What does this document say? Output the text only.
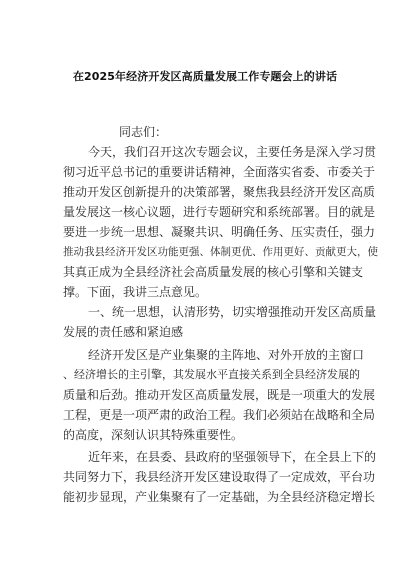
在2025年经济开发区高质量发展工作专题会上的讲话

同志们：

今天，我们召开这次专题会议，主要任务是深入学习贯

彻习近平总书记的重要讲话精神，全面落实省委、市委关于

推动开发区创新提升的决策部署，聚焦我县经济开发区高质

量发展这一核心议题，进行专题研究和系统部署。目的就是

要进一步统一思想、凝聚共识、明确任务、压实责任，强力

推动我县经济开发区功能更强、体制更优、作用更好、贡献更大，使

其真正成为全县经济社会高质量发展的核心引擎和关键支

撑。下面，我讲三点意见。

一、统一思想，认清形势，切实增强推动开发区高质量

发展的责任感和紧迫感

经济开发区是产业集聚的主阵地、对外开放的主窗口

、经济增长的主引擎，其发展水平直接关系到全县经济发展的

质量和后劲。推动开发区高质量发展，既是一项重大的发展

工程，更是一项严肃的政治工程。我们必须站在战略和全局

的高度，深刻认识其特殊重要性。

近年来，在县委、县政府的坚强领导下，在全县上下的

共同努力下，我县经济开发区建设取得了一定成效，平台功

能初步显现，产业集聚有了一定基础，为全县经济稳定增长
